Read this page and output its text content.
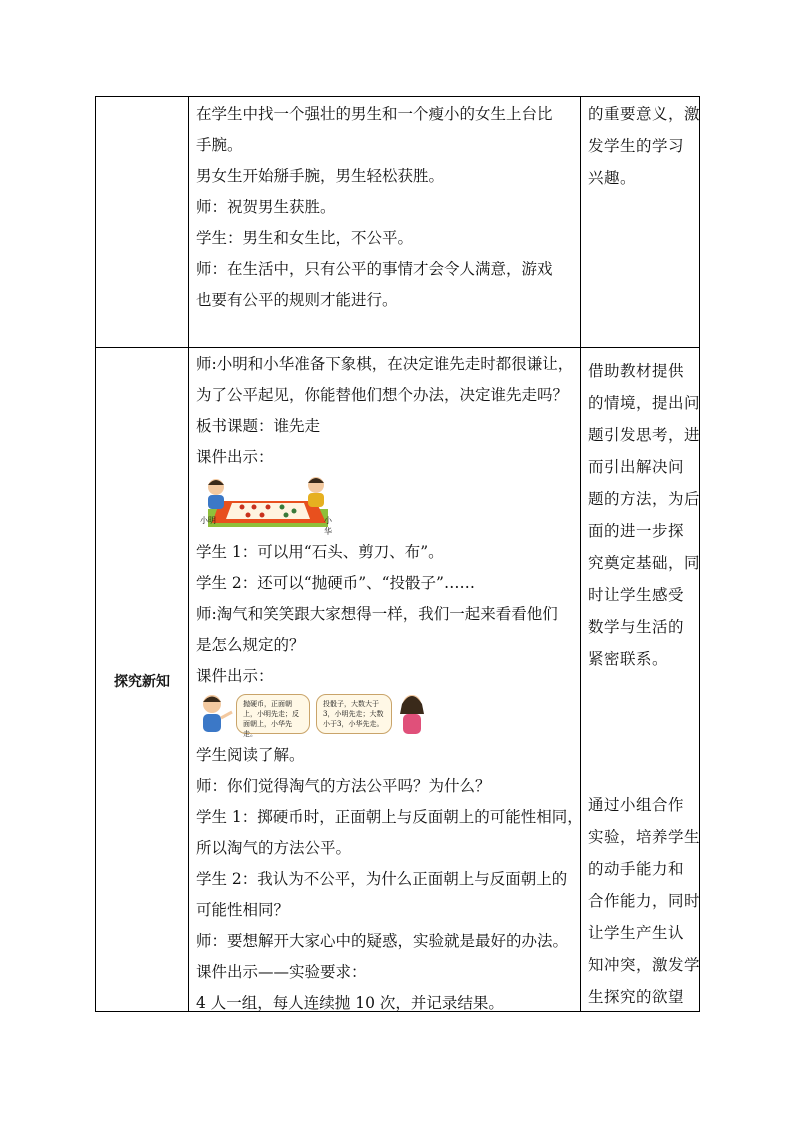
在学生中找一个强壮的男生和一个瘦小的女生上台比
手腕。
男女生开始掰手腕，男生轻松获胜。
师：祝贺男生获胜。
学生：男生和女生比，不公平。
师：在生活中，只有公平的事情才会令人满意，游戏
也要有公平的规则才能进行。
的重要意义，激
发学生的学习
兴趣。
探究新知
师:小明和小华准备下象棋，在决定谁先走时都很谦让，
为了公平起见，你能替他们想个办法，决定谁先走吗？
板书课题：谁先走
课件出示：
小明	小华
学生 1：可以用“石头、剪刀、布”。
学生 2：还可以“抛硬币”、“投骰子”……
师:淘气和笑笑跟大家想得一样，我们一起来看看他们
是怎么规定的？
课件出示：
抛硬币，正面朝上，小明先走；反面朝上，小华先走。
投骰子，大数大于3，小明先走；大数小于3，小华先走。
学生阅读了解。
师：你们觉得淘气的方法公平吗？为什么？
学生 1：掷硬币时，正面朝上与反面朝上的可能性相同，
所以淘气的方法公平。
学生 2：我认为不公平，为什么正面朝上与反面朝上的
可能性相同？
师：要想解开大家心中的疑惑，实验就是最好的办法。
课件出示——实验要求：
4 人一组，每人连续抛 10 次，并记录结果。
借助教材提供
的情境，提出问
题引发思考，进
而引出解决问
题的方法，为后
面的进一步探
究奠定基础，同
时让学生感受
数学与生活的
紧密联系。
通过小组合作
实验，培养学生
的动手能力和
合作能力，同时
让学生产生认
知冲突，激发学
生探究的欲望
